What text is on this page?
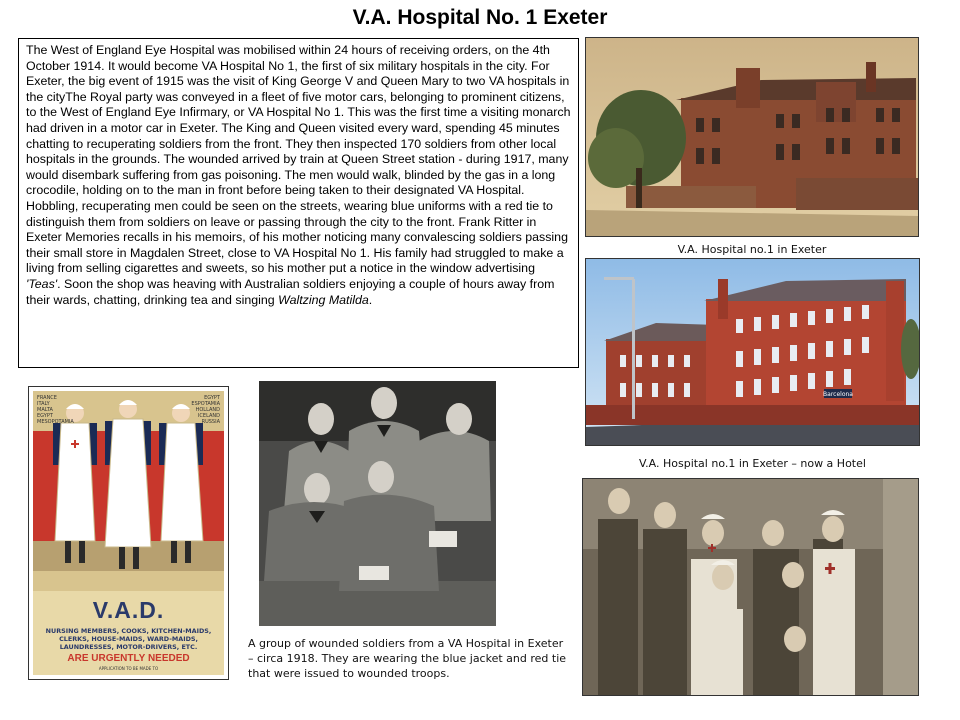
V.A. Hospital No. 1 Exeter

The West of England Eye Hospital was mobilised within 24 hours of receiving orders, on the 4th October 1914. It would become VA Hospital No 1, the first of six military hospitals in the city. For Exeter, the big event of 1915 was the visit of King George V and Queen Mary to two VA hospitals in the cityThe Royal party was conveyed in a fleet of five motor cars, belonging to prominent citizens, to the West of England Eye Infirmary, or VA Hospital No 1. This was the first time a visiting monarch had driven in a motor car in Exeter. The King and Queen visited every ward, spending 45 minutes chatting to recuperating soldiers from the front. They then inspected 170 soldiers from other local hospitals in the grounds. The wounded arrived by train at Queen Street station - during 1917, many would disembark suffering from gas poisoning. The men would walk, blinded by the gas in a long crocodile, holding on to the man in front before being taken to their designated VA Hospital. Hobbling, recuperating men could be seen on the streets, wearing blue uniforms with a red tie to distinguish them from soldiers on leave or passing through the city to the front. Frank Ritter in Exeter Memories recalls in his memoirs, of his mother noticing many convalescing soldiers passing their small store in Magdalen Street, close to VA Hospital No 1. His family had struggled to make a living from selling cigarettes and sweets, so his mother put a notice in the window advertising 'Teas'. Soon the shop was heaving with Australian soldiers enjoying a couple of hours away from their wards, chatting, drinking tea and singing Waltzing Matilda.

V.A. Hospital no.1 in Exeter
Barcelona
V.A. Hospital no.1 in Exeter – now a Hotel
FRANCE
ITALY
MALTA
EGYPT
MESOPOTAMIA
EGYPT
ESPOTAMIA
HOLLAND
ICELAND
RUSSIA
V.A.D.
NURSING MEMBERS, COOKS, KITCHEN-MAIDS,
CLERKS, HOUSE-MAIDS, WARD-MAIDS,
LAUNDRESSES, MOTOR-DRIVERS, ETC.
ARE URGENTLY NEEDED
APPLICATION TO BE MADE TO
A group of wounded soldiers from a VA Hospital in Exeter – circa 1918. They are wearing the blue jacket and red tie that were issued to wounded troops.
